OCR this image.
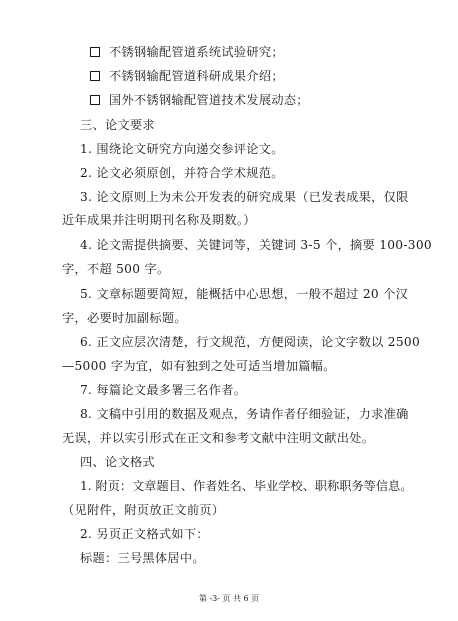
不锈钢输配管道系统试验研究；
不锈钢输配管道科研成果介绍；
国外不锈钢输配管道技术发展动态；
三、论文要求
1. 围绕论文研究方向递交参评论文。
2. 论文必须原创，并符合学术规范。
3. 论文原则上为未公开发表的研究成果（已发表成果，仅限
近年成果并注明期刊名称及期数。）
4. 论文需提供摘要、关键词等，关键词 3-5 个，摘要 100-300
字，不超 500 字。
5. 文章标题要简短，能概括中心思想，一般不超过 20 个汉
字，必要时加副标题。
6. 正文应层次清楚，行文规范，方便阅读，论文字数以 2500
—5000 字为宜，如有独到之处可适当增加篇幅。
7. 每篇论文最多署三名作者。
8. 文稿中引用的数据及观点，务请作者仔细验证，力求准确
无误，并以实引形式在正文和参考文献中注明文献出处。
四、论文格式
1. 附页：文章题目、作者姓名、毕业学校、职称职务等信息。
（见附件，附页放正文前页）
2. 另页正文格式如下：
标题：三号黑体居中。
第 -3- 页 共 6 页
